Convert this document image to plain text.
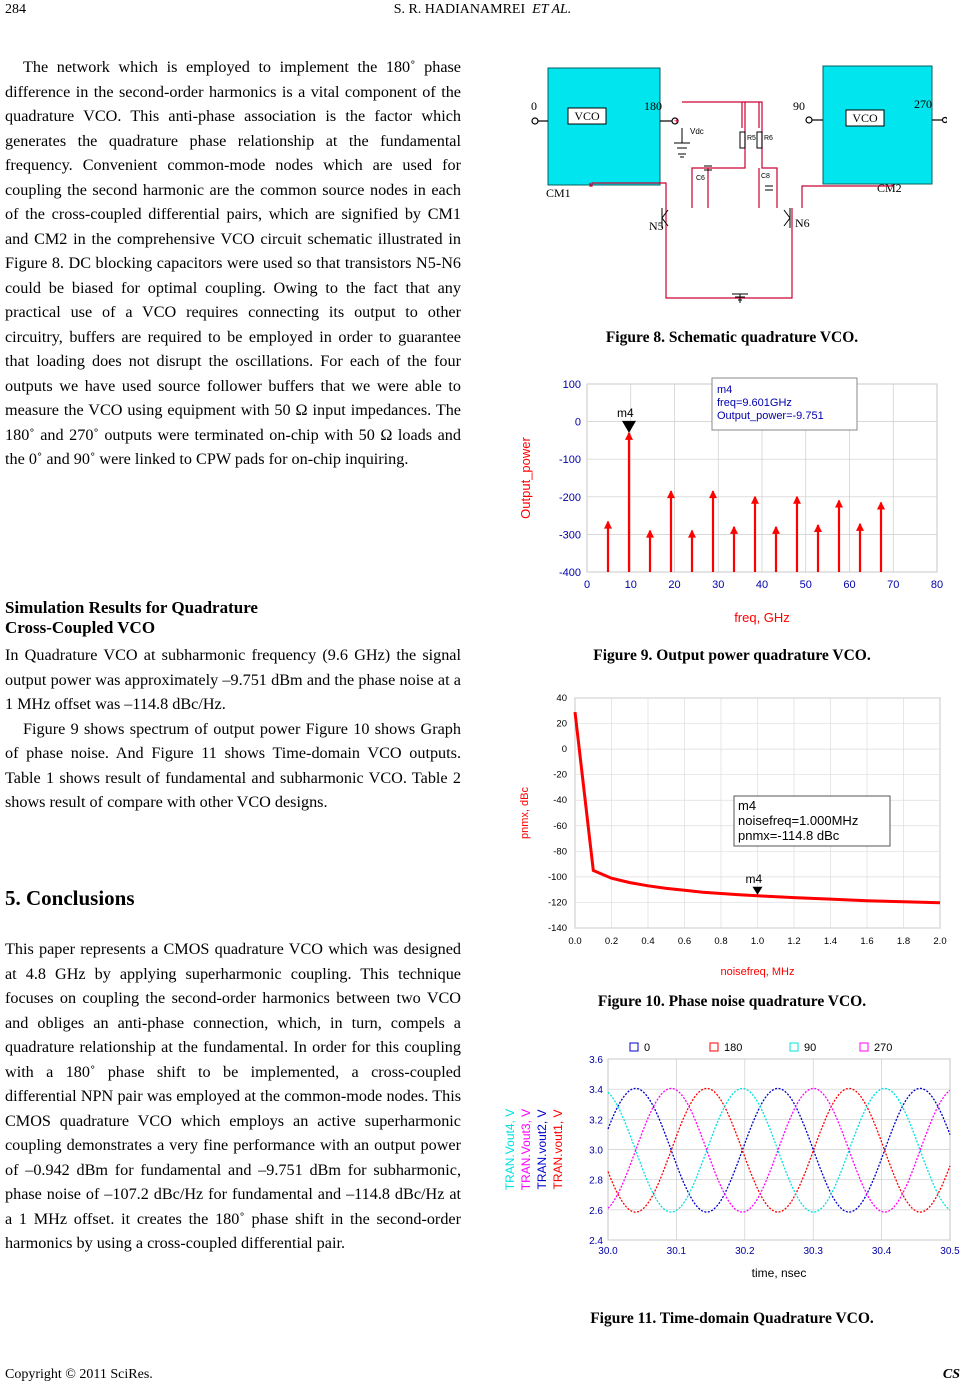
284	S. R. HADIANAMREI ET AL.

The network which is employed to implement the 180˚ phase difference in the second-order harmonics is a vital component of the quadrature VCO. This anti-phase association is the factor which generates the quadrature phase relationship at the fundamental frequency. Convenient common-mode nodes which are used for coupling the second harmonic are the common source nodes in each of the cross-coupled differential pairs, which are signified by CM1 and CM2 in the comprehensive VCO circuit schematic illustrated in Figure 8. DC blocking capacitors were used so that transistors N5-N6 could be biased for optimal coupling. Owing to the fact that any practical use of a VCO requires connecting its output to other circuitry, buffers are required to be employed in order to guarantee that loading does not disrupt the oscillations. For each of the four outputs we have used source follower buffers that we were able to measure the VCO using equipment with 50 Ω input impedances. The 180˚ and 270˚ outputs were terminated on-chip with 50 Ω loads and the 0˚ and 90˚ were linked to CPW pads for on-chip inquiring.

Simulation Results for Quadrature
Cross-Coupled VCO

In Quadrature VCO at subharmonic frequency (9.6 GHz) the signal output power was approximately –9.751 dBm and the phase noise at a 1 MHz offset was –114.8 dBc/Hz.

Figure 9 shows spectrum of output power Figure 10 shows Graph of phase noise. And Figure 11 shows Time-domain VCO outputs. Table 1 shows result of fundamental and subharmonic VCO. Table 2 shows result of compare with other VCO designs.

5. Conclusions

This paper represents a CMOS quadrature VCO which was designed at 4.8 GHz by applying superharmonic coupling. This technique focuses on coupling the second-order harmonics between two VCO and obliges an anti-phase connection, which, in turn, compels a quadrature relationship at the fundamental. In order for this coupling with a 180˚ phase shift to be implemented, a cross-coupled differential NPN pair was employed at the common-mode nodes. This CMOS quadrature VCO which employs an active superharmonic coupling demonstrates a very fine performance with an output power of –0.942 dBm for fundamental and –9.751 dBm for subharmonic, phase noise of –107.2 dBc/Hz for fundamental and –114.8 dBc/Hz at a 1 MHz offset. it creates the 180˚ phase shift in the second-order harmonics by using a cross-coupled differential pair.

VCO	VCO
0	180	90	270
CM1	CM2
N5	N6
+
Vdc
R5 R6
C6	C8
Figure 8. Schematic quadrature VCO.
0	10	20	30	40	50	60	70	80
100
0
-100
-200
-300
-400
m4
m4
freq=9.601GHz
Output_power=-9.751
Output_power
freq, GHz
Figure 9. Output power quadrature VCO.
0.0 0.2 0.4 0.6 0.8 1.0 1.2 1.4 1.6 1.8 2.0
40
20
0
-20
-40
-60
-80
-100
-120
-140
m4
m4
noisefreq=1.000MHz
pnmx=-114.8 dBc
pnmx, dBc
noisefreq, MHz
Figure 10. Phase noise quadrature VCO.
30.0	30.1	30.2	30.3	30.4	30.5
3.6
3.4
3.2
3.0
2.8
2.6
2.4
0	180	90	270
TRAN.Vout4, V TRAN.Vout3, V TRAN.vout2, V TRAN.vout1, V
time, nsec
Figure 11. Time-domain Quadrature VCO.
Copyright © 2011 SciRes.	CS
